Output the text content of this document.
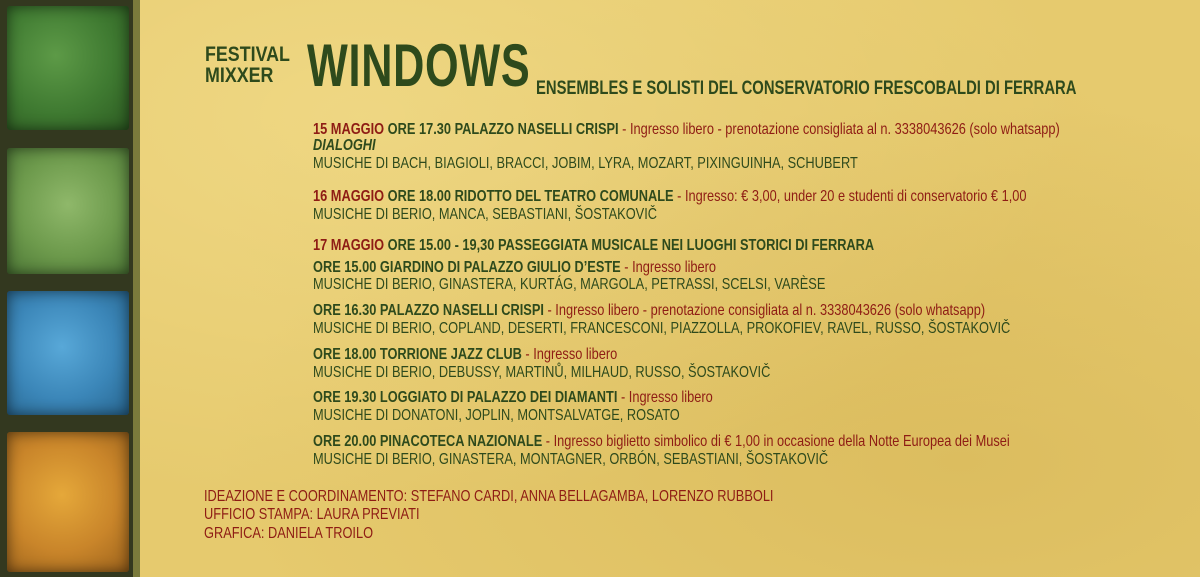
FESTIVAL
MIXXER WINDOWS ENSEMBLES E SOLISTI DEL CONSERVATORIO FRESCOBALDI DI FERRARA
15 MAGGIO ORE 17.30 PALAZZO NASELLI CRISPI - Ingresso libero - prenotazione consigliata al n. 3338043626 (solo whatsapp)
DIALOGHI
MUSICHE DI BACH, BIAGIOLI, BRACCI, JOBIM, LYRA, MOZART, PIXINGUINHA, SCHUBERT
16 MAGGIO ORE 18.00 RIDOTTO DEL TEATRO COMUNALE - Ingresso: € 3,00, under 20 e studenti di conservatorio € 1,00
MUSICHE DI BERIO, MANCA, SEBASTIANI, ŠOSTAKOVIČ
17 MAGGIO ORE 15.00 - 19,30 PASSEGGIATA MUSICALE NEI LUOGHI STORICI DI FERRARA
ORE 15.00 GIARDINO DI PALAZZO GIULIO D’ESTE - Ingresso libero
MUSICHE DI BERIO, GINASTERA, KURTÁG, MARGOLA, PETRASSI, SCELSI, VARÈSE
ORE 16.30 PALAZZO NASELLI CRISPI - Ingresso libero - prenotazione consigliata al n. 3338043626 (solo whatsapp)
MUSICHE DI BERIO, COPLAND, DESERTI, FRANCESCONI, PIAZZOLLA, PROKOFIEV, RAVEL, RUSSO, ŠOSTAKOVIČ
ORE 18.00 TORRIONE JAZZ CLUB - Ingresso libero
MUSICHE DI BERIO, DEBUSSY, MARTINŮ, MILHAUD, RUSSO, ŠOSTAKOVIČ
ORE 19.30 LOGGIATO DI PALAZZO DEI DIAMANTI - Ingresso libero
MUSICHE DI DONATONI, JOPLIN, MONTSALVATGE, ROSATO
ORE 20.00 PINACOTECA NAZIONALE - Ingresso biglietto simbolico di € 1,00 in occasione della Notte Europea dei Musei
MUSICHE DI BERIO, GINASTERA, MONTAGNER, ORBÓN, SEBASTIANI, ŠOSTAKOVIČ
IDEAZIONE E COORDINAMENTO: STEFANO CARDI, ANNA BELLAGAMBA, LORENZO RUBBOLI
UFFICIO STAMPA: LAURA PREVIATI
GRAFICA: DANIELA TROILO
